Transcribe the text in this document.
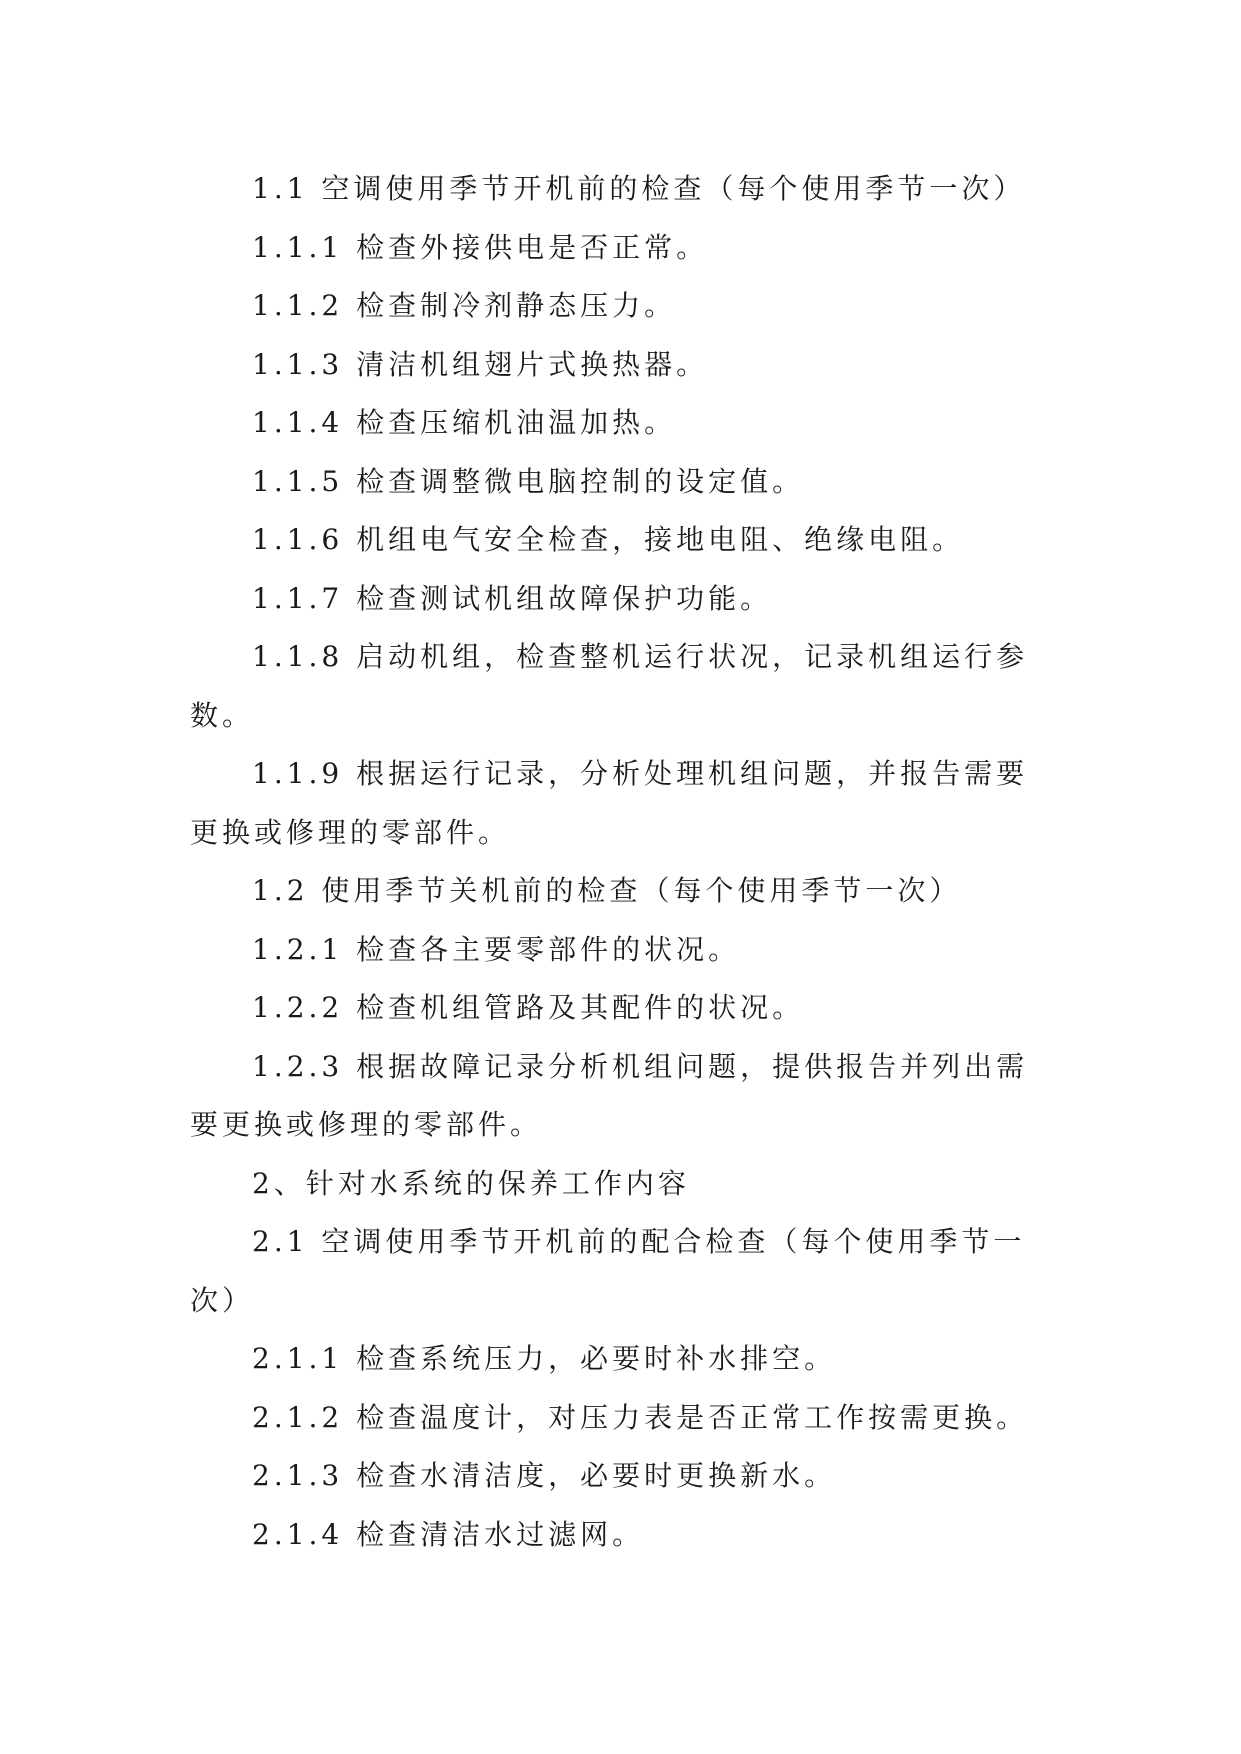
1.1 空调使用季节开机前的检查（每个使用季节一次）

1.1.1 检查外接供电是否正常。

1.1.2 检查制冷剂静态压力。

1.1.3 清洁机组翅片式换热器。

1.1.4 检查压缩机油温加热。

1.1.5 检查调整微电脑控制的设定值。

1.1.6 机组电气安全检查，接地电阻、绝缘电阻。

1.1.7 检查测试机组故障保护功能。

1.1.8 启动机组，检查整机运行状况，记录机组运行参数。

1.1.9 根据运行记录，分析处理机组问题，并报告需要更换或修理的零部件。

1.2 使用季节关机前的检查（每个使用季节一次）

1.2.1 检查各主要零部件的状况。

1.2.2 检查机组管路及其配件的状况。

1.2.3 根据故障记录分析机组问题，提供报告并列出需要更换或修理的零部件。

2、针对水系统的保养工作内容

2.1 空调使用季节开机前的配合检查（每个使用季节一次）

2.1.1 检查系统压力，必要时补水排空。

2.1.2 检查温度计，对压力表是否正常工作按需更换。

2.1.3 检查水清洁度，必要时更换新水。

2.1.4 检查清洁水过滤网。
